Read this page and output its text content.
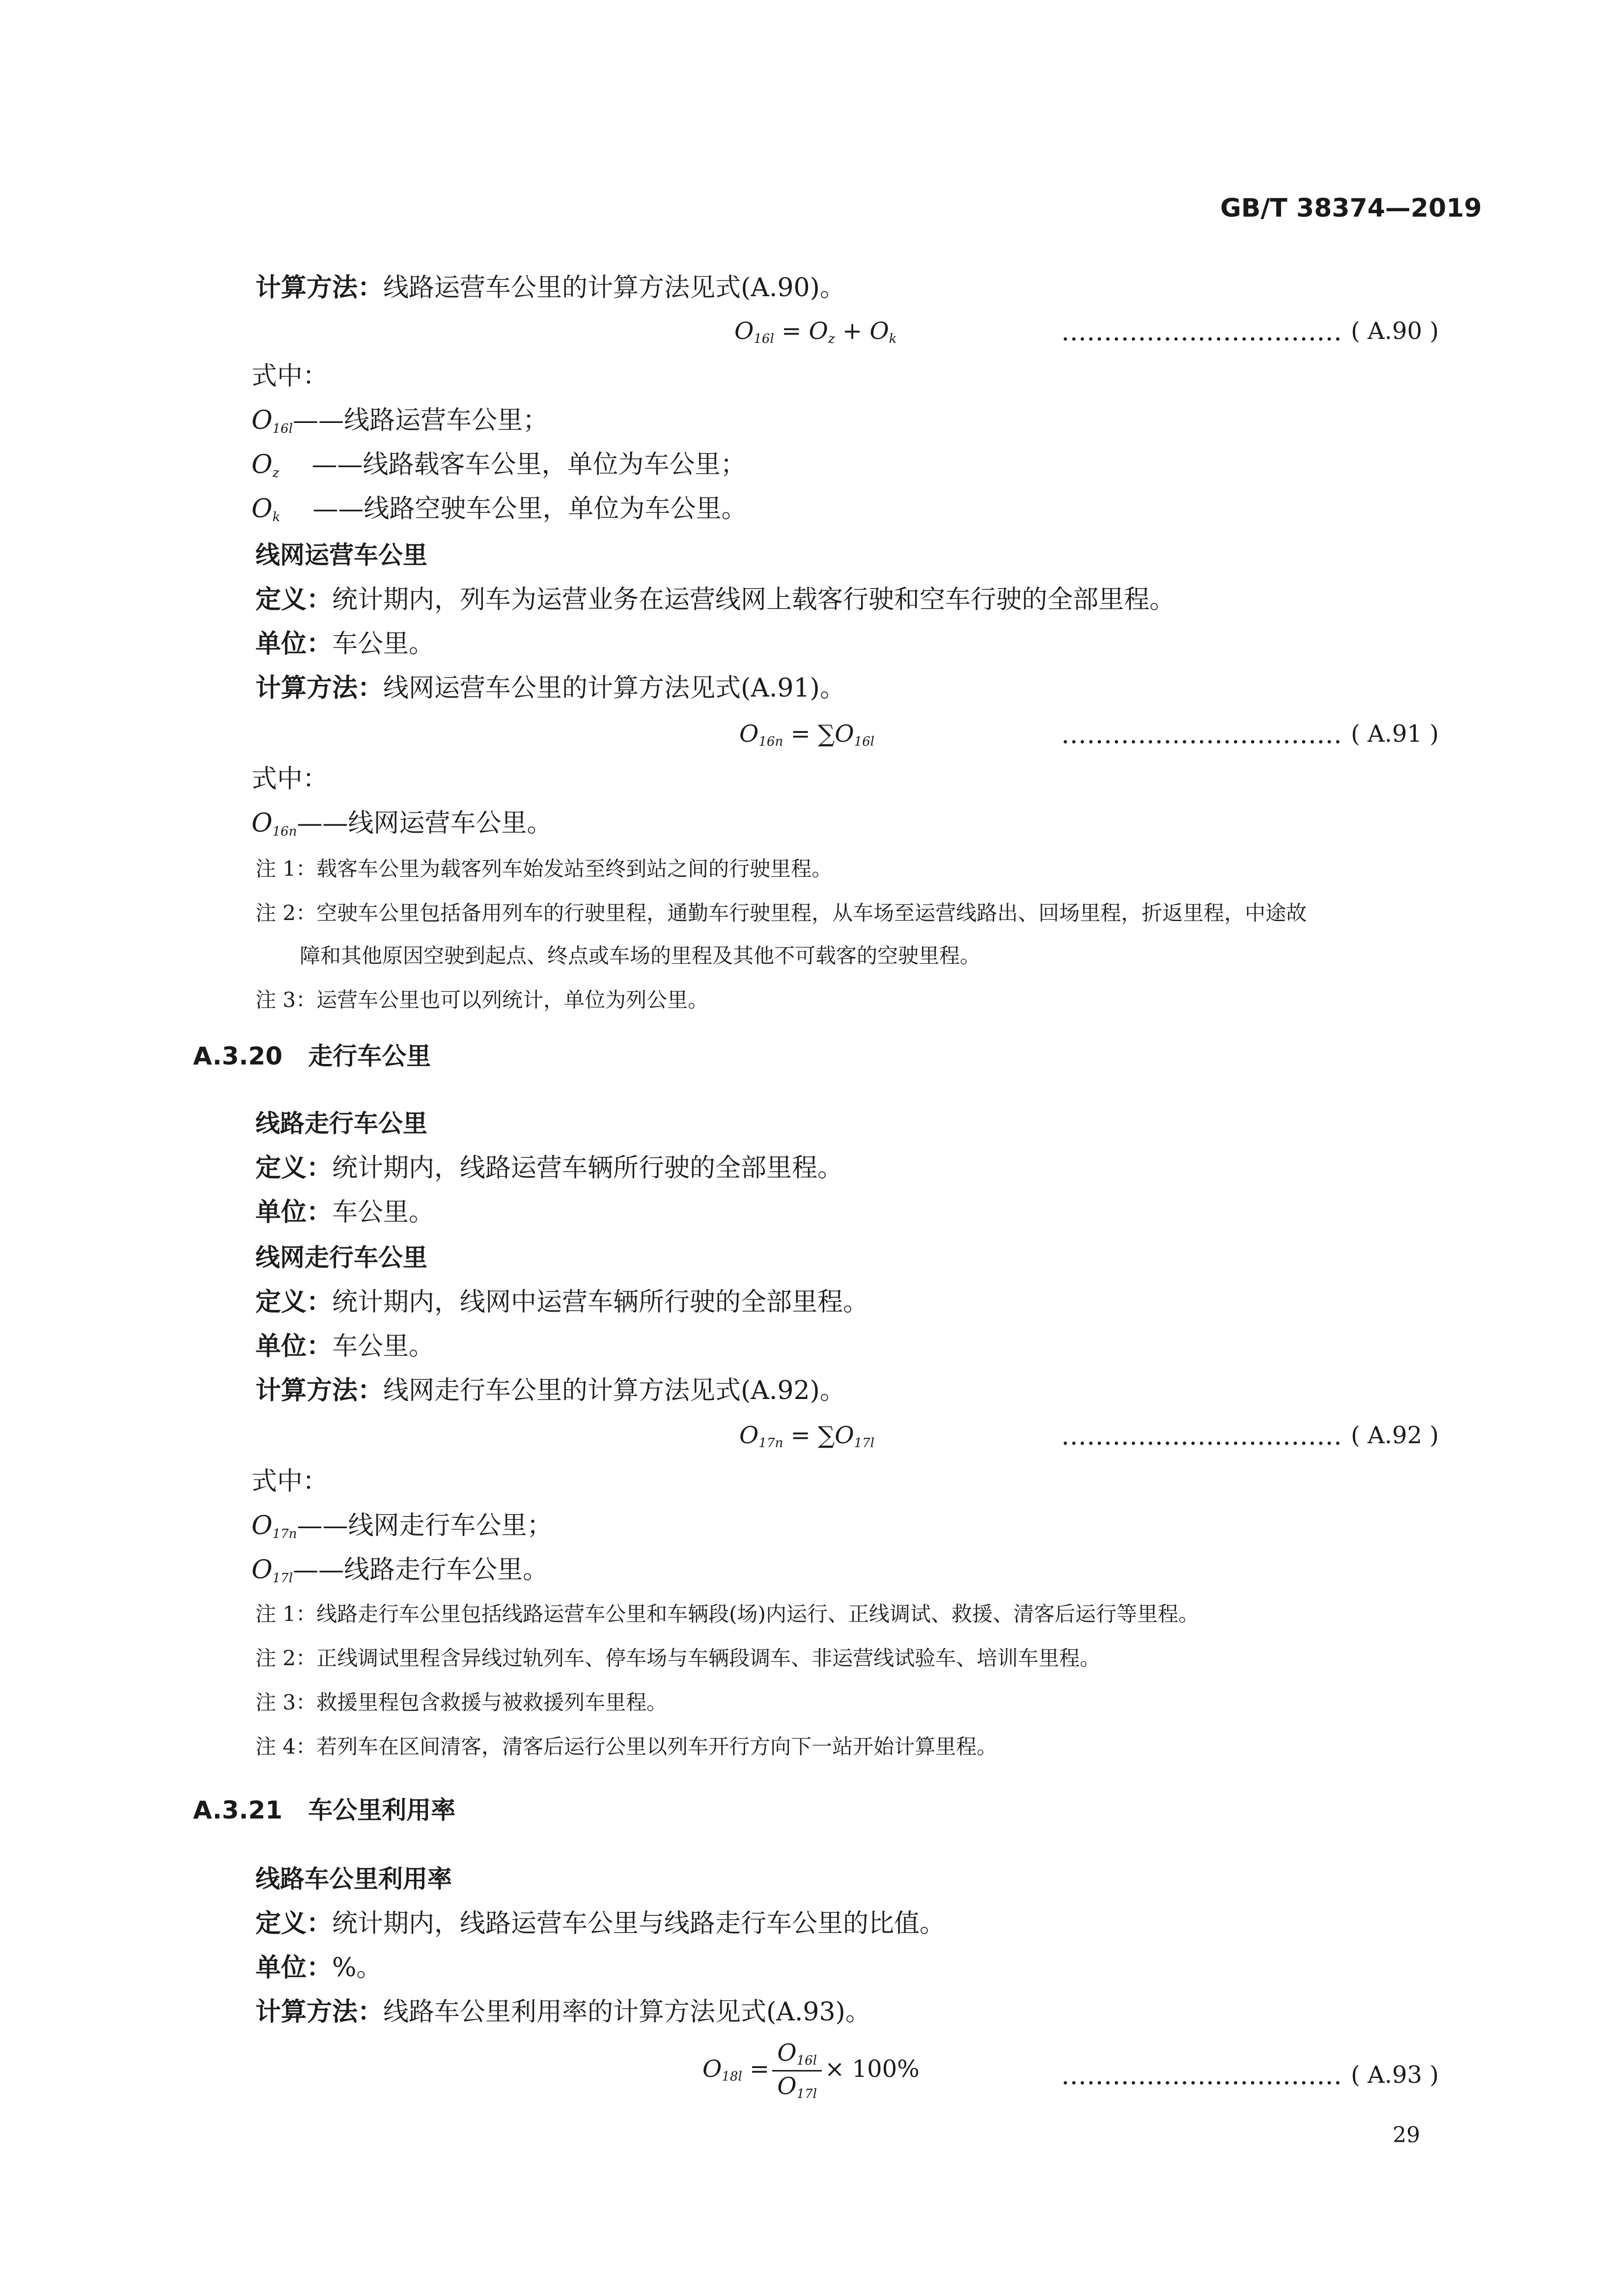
GB/T 38374—2019
计算方法：线路运营车公里的计算方法见式(A.90)。
$O_{16l} = O_z + O_k$	…………………………… ( A.90 )
式中：
$O_{16l}——$线路运营车公里；
$O_z$ ——线路载客车公里，单位为车公里；
$O_k$ ——线路空驶车公里，单位为车公里。
线网运营车公里
定义：统计期内，列车为运营业务在运营线网上载客行驶和空车行驶的全部里程。
单位：车公里。
计算方法：线网运营车公里的计算方法见式(A.91)。
$O_{16n} = \sum O_{16l}$	…………………………… ( A.91 )
式中：
$O_{16n}——$线网运营车公里。
注 1：载客车公里为载客列车始发站至终到站之间的行驶里程。
注 2：空驶车公里包括备用列车的行驶里程，通勤车行驶里程，从车场至运营线路出、回场里程，折返里程，中途故
障和其他原因空驶到起点、终点或车场的里程及其他不可载客的空驶里程。
注 3：运营车公里也可以列统计，单位为列公里。
A.3.20 走行车公里
线路走行车公里
定义：统计期内，线路运营车辆所行驶的全部里程。
单位：车公里。
线网走行车公里
定义：统计期内，线网中运营车辆所行驶的全部里程。
单位：车公里。
计算方法：线网走行车公里的计算方法见式(A.92)。
$O_{17n} = \sum O_{17l}$	…………………………… ( A.92 )
式中：
$O_{17n}——$线网走行车公里；
$O_{17l}——$线路走行车公里。
注 1：线路走行车公里包括线路运营车公里和车辆段(场)内运行、正线调试、救援、清客后运行等里程。
注 2：正线调试里程含异线过轨列车、停车场与车辆段调车、非运营线试验车、培训车里程。
注 3：救援里程包含救援与被救援列车里程。
注 4：若列车在区间清客，清客后运行公里以列车开行方向下一站开始计算里程。
A.3.21 车公里利用率
线路车公里利用率
定义：统计期内，线路运营车公里与线路走行车公里的比值。
单位：%。
计算方法：线路车公里利用率的计算方法见式(A.93)。
$O_{18l} = \frac{O_{16l}}{O_{17l}} \times 100\%$	…………………………… ( A.93 )
29
